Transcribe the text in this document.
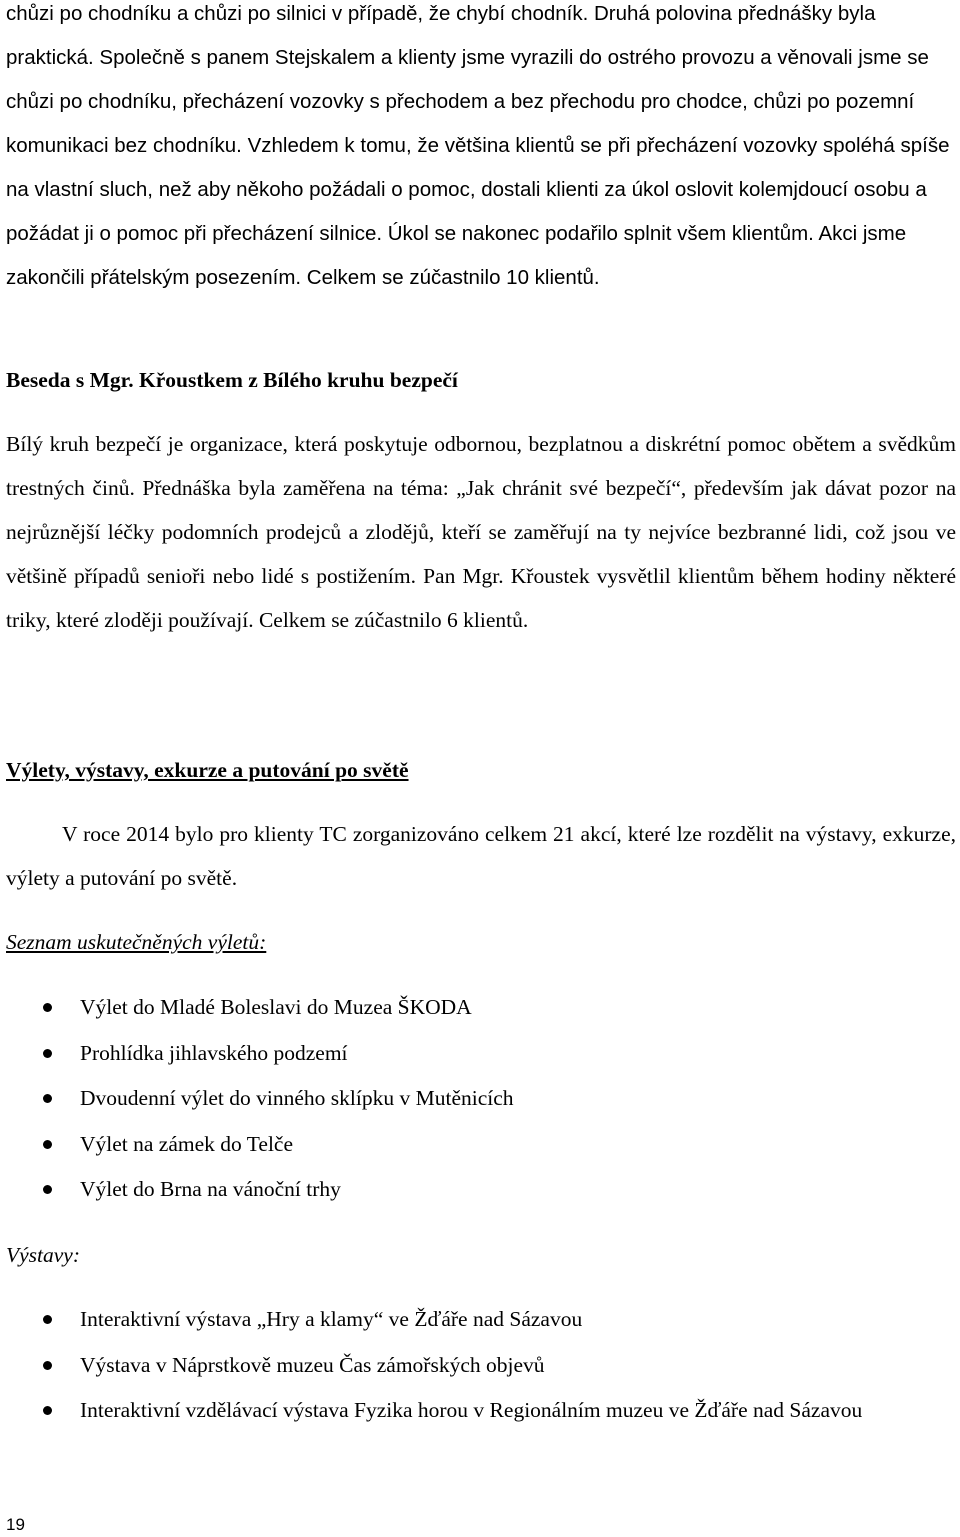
chůzi po chodníku a chůzi po silnici v případě, že chybí chodník. Druhá polovina přednášky byla praktická. Společně s panem Stejskalem a klienty jsme vyrazili do ostrého provozu a věnovali jsme se chůzi po chodníku, přecházení vozovky s přechodem a bez přechodu pro chodce, chůzi po pozemní komunikaci bez chodníku. Vzhledem k tomu, že většina klientů se při přecházení vozovky spoléhá spíše na vlastní sluch, než aby někoho požádali o pomoc, dostali klienti za úkol oslovit kolemjdoucí osobu a požádat ji o pomoc při přecházení silnice. Úkol se nakonec podařilo splnit všem klientům. Akci jsme zakončili přátelským posezením. Celkem se zúčastnilo 10 klientů.

Beseda s Mgr. Křoustkem z Bílého kruhu bezpečí

Bílý kruh bezpečí je organizace, která poskytuje odbornou, bezplatnou a diskrétní pomoc obětem a svědkům trestných činů. Přednáška byla zaměřena na téma: „Jak chránit své bezpečí“, především jak dávat pozor na nejrůznější léčky podomních prodejců a zlodějů, kteří se zaměřují na ty nejvíce bezbranné lidi, což jsou ve většině případů senioři nebo lidé s postižením. Pan Mgr. Křoustek vysvětlil klientům během hodiny některé triky, které zloději používají. Celkem se zúčastnilo 6 klientů.

Výlety, výstavy, exkurze a putování po světě

V roce 2014 bylo pro klienty TC zorganizováno celkem 21 akcí, které lze rozdělit na výstavy, exkurze, výlety a putování po světě.

Seznam uskutečněných výletů:
Výlet do Mladé Boleslavi do Muzea ŠKODA
Prohlídka jihlavského podzemí
Dvoudenní výlet do vinného sklípku v Mutěnicích
Výlet na zámek do Telče
Výlet do Brna na vánoční trhy
Výstavy:
Interaktivní výstava „Hry a klamy“ ve Žďáře nad Sázavou
Výstava v Náprstkově muzeu Čas zámořských objevů
Interaktivní vzdělávací výstava Fyzika horou v Regionálním muzeu ve Žďáře nad Sázavou
19
